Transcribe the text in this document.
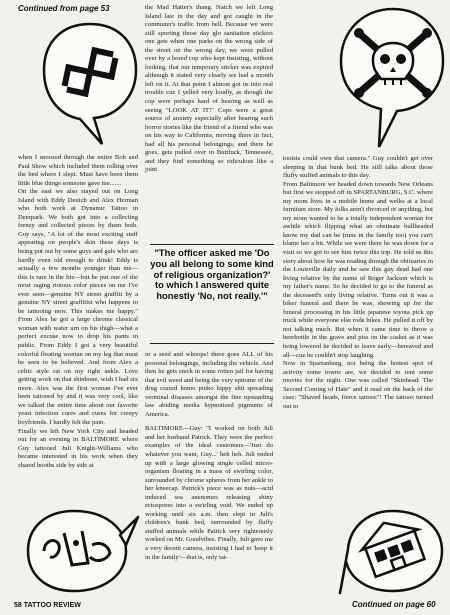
Continued from page 53

when I snoozed through the entire Bob and Paul Show which included them rolling over the bed where I slept. Must have been them little blue things someone gave me.......

On the east we also stayed out on Long Island with Eddy Deutch and Alex Herman who both work at Dynamic Tattoo in Deerpark. We both got into a collecting frenzy and collected pieces by them both. Guy says, "A lot of the most exciting stuff appearing on people's skin these days is being put out by some guys and gals who are hardly even old enough to drink! Eddy is actually a few months younger than me—this is rare in the biz—but he put one of the most raging riotous color pieces on me I've ever seen—genuine NY street graffiti by a genuine NY street graffitist who happens to be tattooing now. This makes me happy." From Alex he got a large chrome classical woman with water urn on his thigh—what a perfect excuse now to drop his pants in public. From Eddy I got a very beautiful colorful floating woman on my leg that must be seen to be believed. And from Alex a celtic style rat on my right ankle. Love getting work on that shinbone, wish I had six more. Alex was the first woman I've ever been tattooed by and it was very cool, like we talked the entire time about our favorite yeast infection cures and cures for creepy boyfriends. I hardly felt the pain.

Finally we left New York City and headed out for an evening in BALTIMORE where Guy tattooed Juli Knight-Williams who became interested in his work when they shared booths side by side at

the Mad Hatter's thang. Natch we left Long Island late in the day and got caught in the commuter's traffic from hell. Because we were still sporting those day glo sanitation stickers one gets when one parks on the wrong side of the street on the wrong day, we were pulled over by a bored cop who kept insisting, without looking, that our temporary sticker was expired although it stated very clearly we had a month left on it. At that point I almost got us into real trouble cuz I yelled very loudly, as though the cop were perhaps hard of hearing as well as seeing "LOOK AT IT!" Cops were a great source of anxiety especially after hearing such horror stories like the friend of a friend who was on his way to California, moving there in fact, had all his personal belongings, and there he goes, gets pulled over in Buttfuck, Tennessee, and they find something so ridiculous like a joint

"The officer asked me 'Do you all belong to some kind of religious organization?' to which I answered quite honestly 'No, not really.'"

or a seed and whoops! there goes ALL of his personal belongings, including the vehicle. And then he gets stuck in some rotten jail for having that evil weed and being the very epitome of the drug crazed homo pinko hippy shit spreading verminal diseases amongst the fine upstanding law abiding media hypnotized pigmums of America.

BALTIMORE—Guy: "I worked on both Juli and her husband Patrick. They were the perfect examples of the ideal customers—'Just do whatever you want, Guy...' heh heh. Juli ended up with a large glowing single celled micro-organism floating in a mass of swirling color, surrounded by chrome spheres from her ankle to her kneecap. Patrick's piece was as nuts—acid induced sea anenomes releasing shiny ectospores into a swirling void. We ended up working until six a.m. then slept in Juli's children's bunk bed, surrounded by fluffy stuffed animals while Patrick very righteously worked on Mr. Goodvibes. Finally, Juli gave me a very decent camera, insisting I had to 'keep it in the family'—that is, only tat-

tooists could own that camera." Guy couldn't get over sleeping in that bunk bed. He still talks about those fluffy stuffed animals to this day.

From Baltimore we headed down towards New Orleans but first we stopped off in SPARTANBURG, S.C. where my mom lives in a mobile home and welks at a local furniture store. My folks aren't divorced or anything, but my mom wanted to be a totally independent woman for awhile which flipping what an obstinate bullheaded know my dad can be (runs in the family too) you can't blame her a bit. While we were there he was down for a visit so we got to see him twice this trip. He told us this story about how he was reading through the obituaries in the Louisville daily and he saw this guy dead had one living relative by the name of Roger Jackson which is my father's name. So he decided to go to the funeral as the deceased's only living relative. Turns out it was a biker funeral and there he was, showing up for the funeral processing in his little japanese toyota pick up truck while everyone else rode bikes. He pulled it off by not talking much. But when it came time to throw a beerbottle in the grave and piss on the casket as it was being lowered he decided to leave early—bereaved and all—cuz he couldn't stop laughing.

Now in Spartanburg, not being the hottest spot of activity some towns are, we decided to rent some movies for the night. One was called "Skinhead: The Second Coming of Hate" and it read on the back of the case: "Shaved heads, fierce tattoos"! The tattoos turned out to

58 TATTOO REVIEW	Continued on page 60
